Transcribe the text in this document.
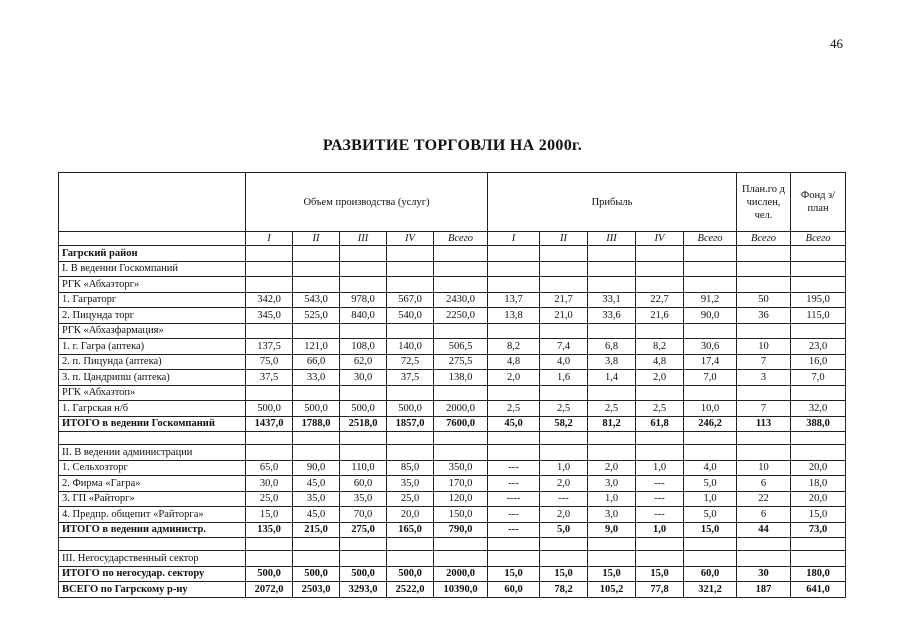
46
РАЗВИТИЕ ТОРГОВЛИ НА 2000г.
	Объем производства (услуг)					Прибыль					План.го д числен, чел.	Фонд з/план
	I	II	III	IV	Всего	I	II	III	IV	Всего	Всего	Всего
Гагрский район												
I. В ведении Госкомпаний												
РГК «Абхазторг»												
1. Гаграторг	342,0	543,0	978,0	567,0	2430,0	13,7	21,7	33,1	22,7	91,2	50	195,0
2. Пицунда торг	345,0	525,0	840,0	540,0	2250,0	13,8	21,0	33,6	21,6	90,0	36	115,0
РГК «Абхазфармация»												
1. г. Гагра (аптека)	137,5	121,0	108,0	140,0	506,5	8,2	7,4	6,8	8,2	30,6	10	23,0
2. п. Пицунда (аптека)	75,0	66,0	62,0	72,5	275,5	4,8	4,0	3,8	4,8	17,4	7	16,0
3. п. Цандрипш (аптека)	37,5	33,0	30,0	37,5	138,0	2,0	1,6	1,4	2,0	7,0	3	7,0
РГК «Абхазтоп»												
1. Гагрская н/б	500,0	500,0	500,0	500,0	2000,0	2,5	2,5	2,5	2,5	10,0	7	32,0
ИТОГО в ведении Госкомпаний	1437,0	1788,0	2518,0	1857,0	7600,0	45,0	58,2	81,2	61,8	246,2	113	388,0

II. В ведении администрации												
1. Сельхозторг	65,0	90,0	110,0	85,0	350,0	---	1,0	2,0	1,0	4,0	10	20,0
2. Фирма «Гагра»	30,0	45,0	60,0	35,0	170,0	---	2,0	3,0	---	5,0	6	18,0
3. ГП «Райторг»	25,0	35,0	35,0	25,0	120,0	----	---	1,0	---	1,0	22	20,0
4. Предпр. общепит «Райторга»	15,0	45,0	70,0	20,0	150,0	---	2,0	3,0	---	5,0	6	15,0
ИТОГО в ведении администр.	135,0	215,0	275,0	165,0	790,0	---	5,0	9,0	1,0	15,0	44	73,0

III. Негосударственный сектор												
ИТОГО по негосудар. сектору	500,0	500,0	500,0	500,0	2000,0	15,0	15,0	15,0	15,0	60,0	30	180,0
ВСЕГО по Гагрскому р-ну	2072,0	2503,0	3293,0	2522,0	10390,0	60,0	78,2	105,2	77,8	321,2	187	641,0
